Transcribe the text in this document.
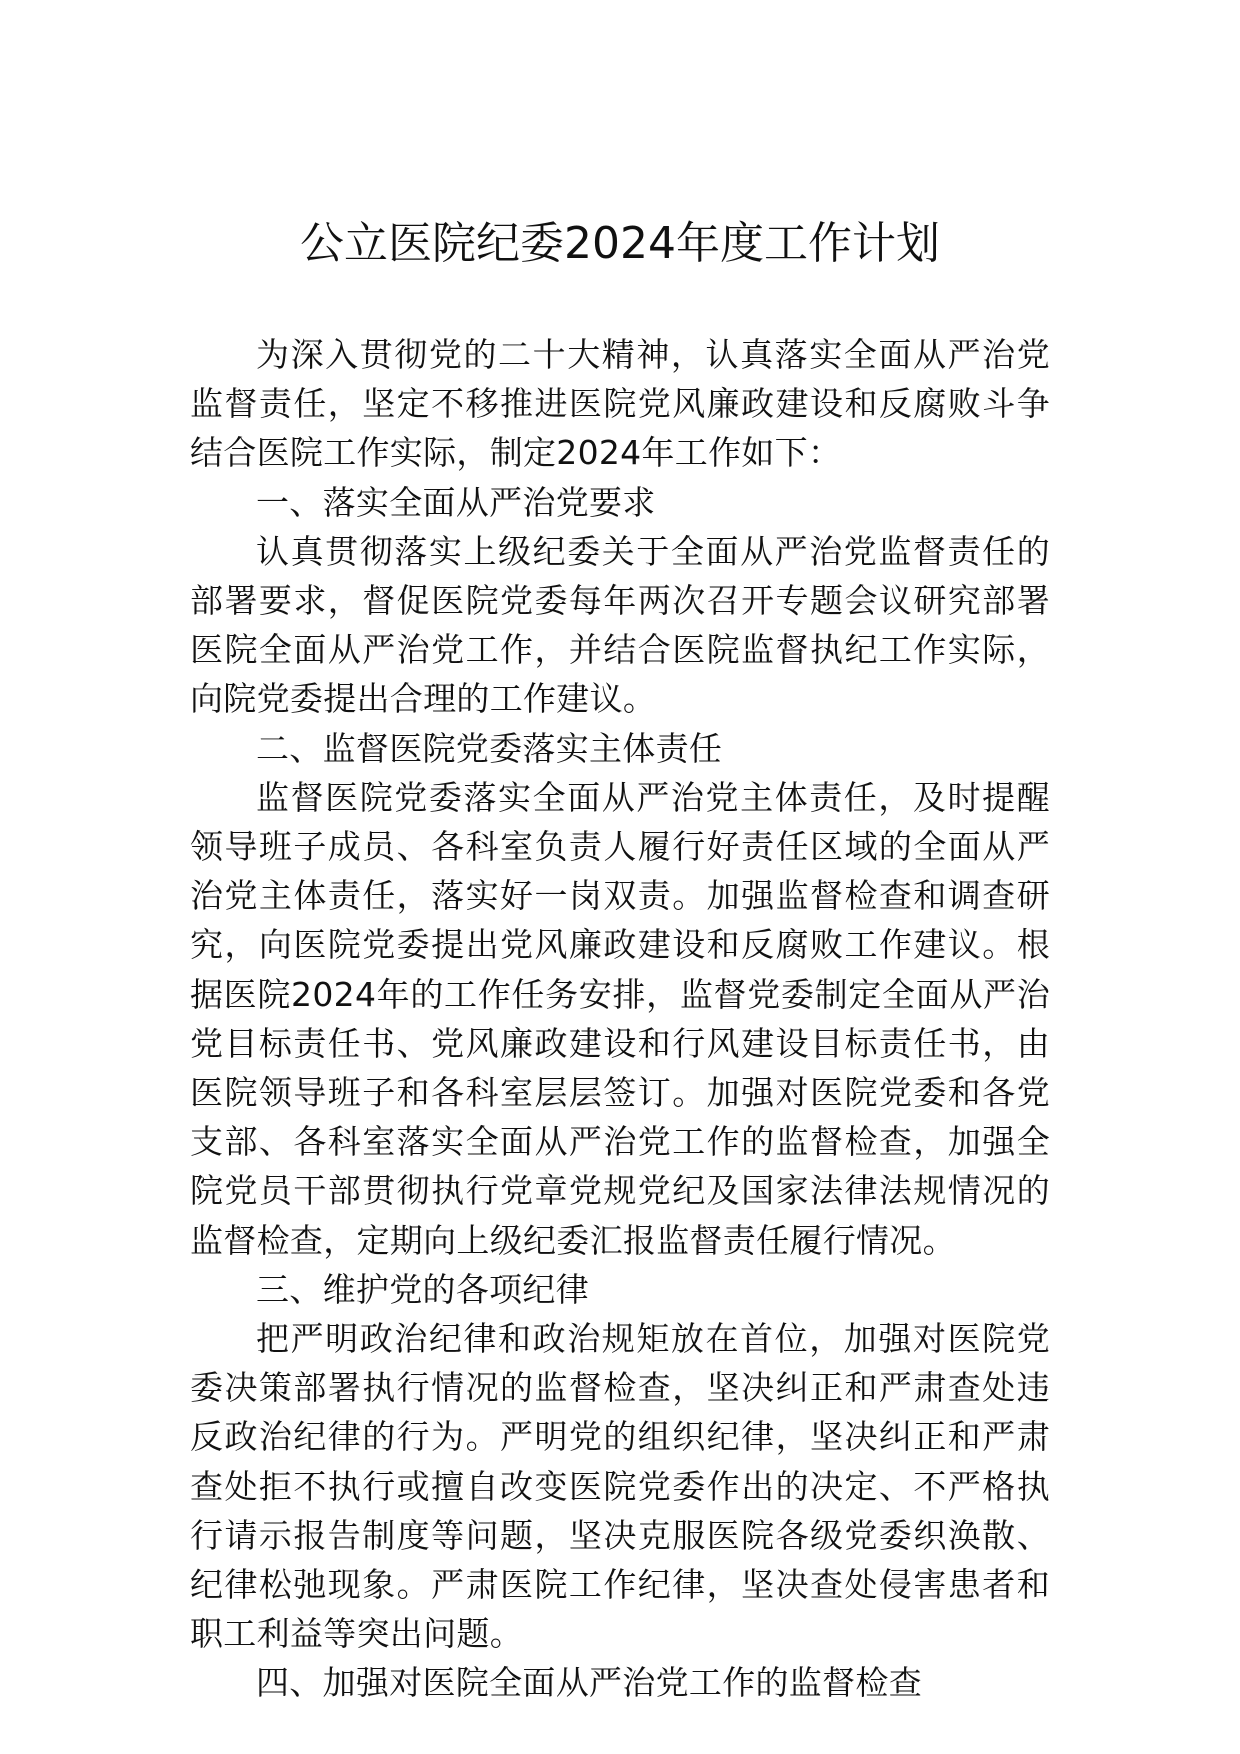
公立医院纪委2024年度工作计划

为深入贯彻党的二十大精神，认真落实全面从严治党监督责任，坚定不移推进医院党风廉政建设和反腐败斗争结合医院工作实际，制定2024年工作如下：

一、落实全面从严治党要求

认真贯彻落实上级纪委关于全面从严治党监督责任的部署要求，督促医院党委每年两次召开专题会议研究部署医院全面从严治党工作，并结合医院监督执纪工作实际，向院党委提出合理的工作建议。

二、监督医院党委落实主体责任

监督医院党委落实全面从严治党主体责任，及时提醒领导班子成员、各科室负责人履行好责任区域的全面从严治党主体责任，落实好一岗双责。加强监督检查和调查研究，向医院党委提出党风廉政建设和反腐败工作建议。根据医院2024年的工作任务安排，监督党委制定全面从严治党目标责任书、党风廉政建设和行风建设目标责任书，由医院领导班子和各科室层层签订。加强对医院党委和各党支部、各科室落实全面从严治党工作的监督检查，加强全院党员干部贯彻执行党章党规党纪及国家法律法规情况的监督检查，定期向上级纪委汇报监督责任履行情况。

三、维护党的各项纪律

把严明政治纪律和政治规矩放在首位，加强对医院党委决策部署执行情况的监督检查，坚决纠正和严肃查处违反政治纪律的行为。严明党的组织纪律，坚决纠正和严肃查处拒不执行或擅自改变医院党委作出的决定、不严格执行请示报告制度等问题，坚决克服医院各级党委织涣散、纪律松弛现象。严肃医院工作纪律，坚决查处侵害患者和职工利益等突出问题。

四、加强对医院全面从严治党工作的监督检查
